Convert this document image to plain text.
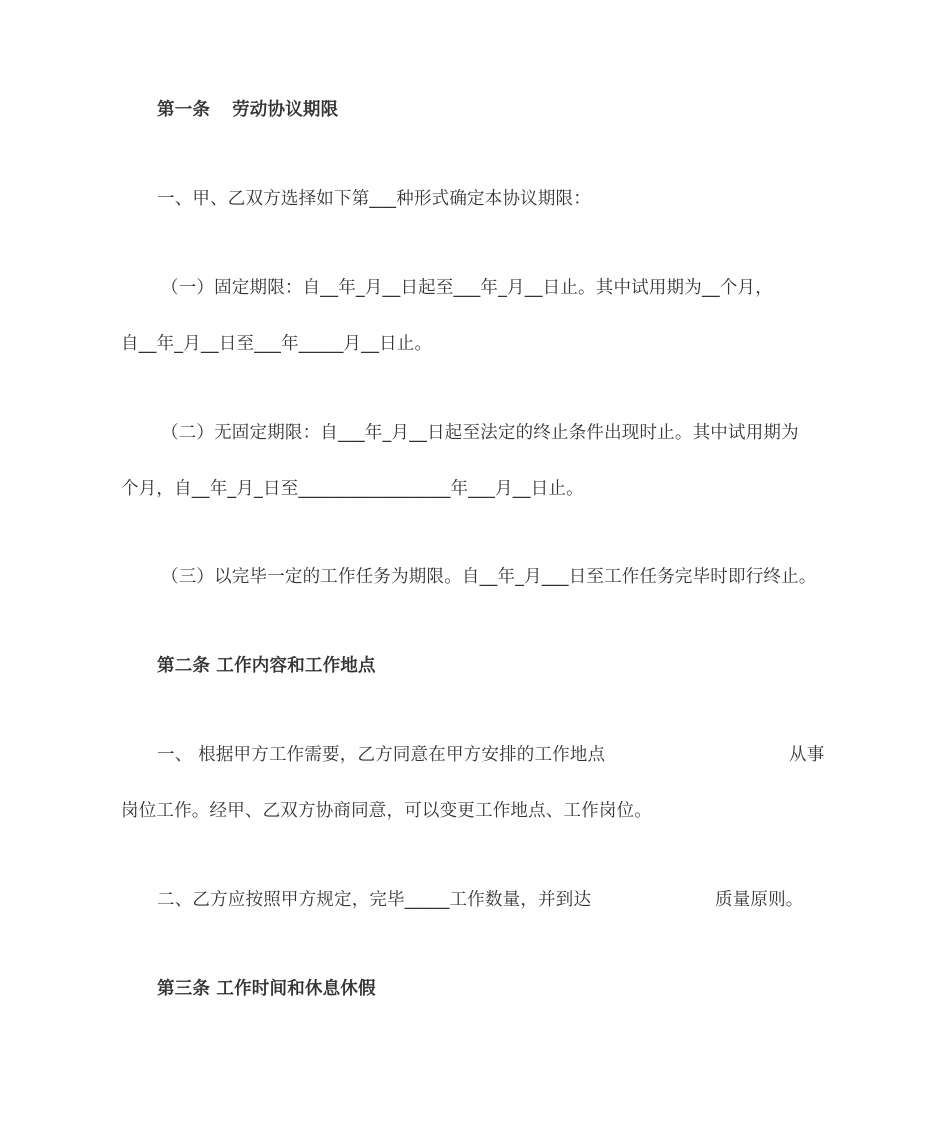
第一条 劳动协议期限
一、甲、乙双方选择如下第___种形式确定本协议期限：
（一）固定期限：自__年_月__日起至___年_月__日止。其中试用期为__个月，
自__年_月__日至___年_____月__日止。
（二）无固定期限：自___年_月__日起至法定的终止条件出现时止。其中试用期为
个月，自__年_月_日至_________________年___月__日止。
（三）以完毕一定的工作任务为期限。自__年_月___日至工作任务完毕时即行终止。
第二条 工作内容和工作地点
一、 根据甲方工作需要，乙方同意在甲方安排的工作地点	从事
岗位工作。经甲、乙双方协商同意，可以变更工作地点、工作岗位。
二、乙方应按照甲方规定，完毕_____工作数量，并到达	质量原则。
第三条 工作时间和休息休假
